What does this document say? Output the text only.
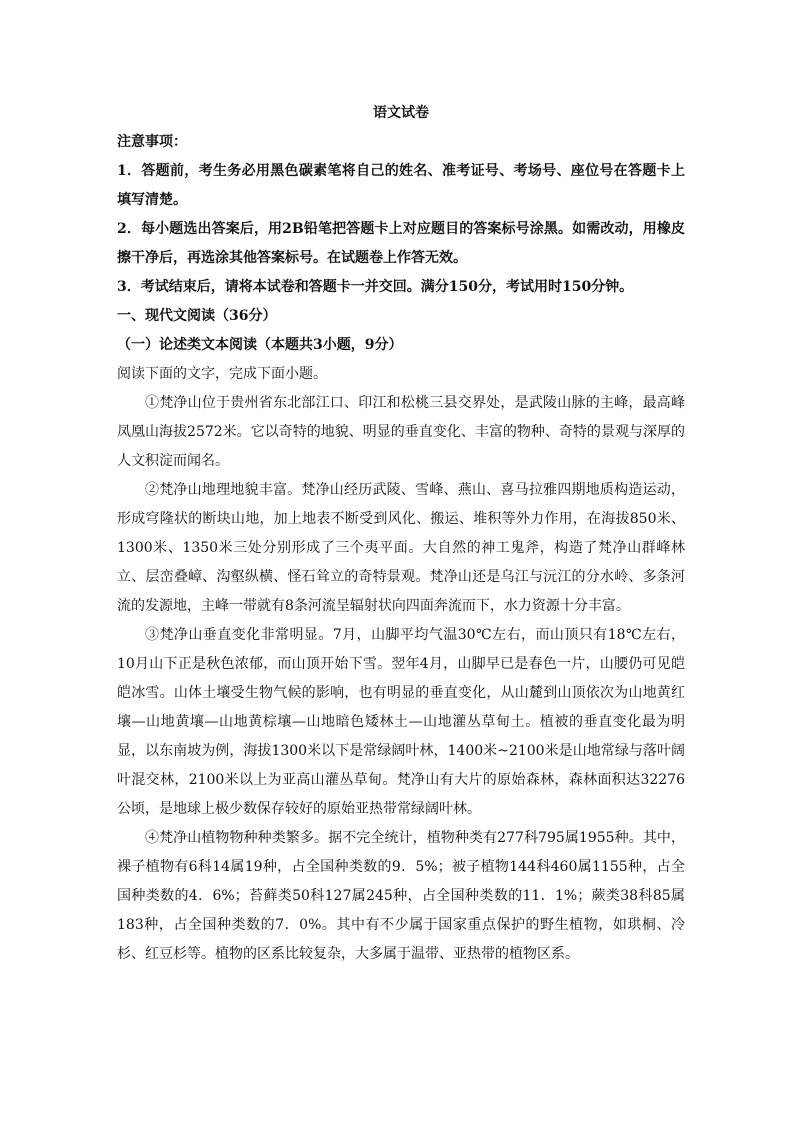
语文试卷

注意事项：

1．答题前，考生务必用黑色碳素笔将自己的姓名、准考证号、考场号、座位号在答题卡上填写清楚。

2．每小题选出答案后，用2B铅笔把答题卡上对应题目的答案标号涂黑。如需改动，用橡皮擦干净后，再选涂其他答案标号。在试题卷上作答无效。

3．考试结束后，请将本试卷和答题卡一并交回。满分150分，考试用时150分钟。

一、现代文阅读（36分）

（一）论述类文本阅读（本题共3小题，9分）

阅读下面的文字，完成下面小题。

①梵净山位于贵州省东北部江口、印江和松桃三县交界处，是武陵山脉的主峰，最高峰凤凰山海拔2572米。它以奇特的地貌、明显的垂直变化、丰富的物种、奇特的景观与深厚的人文积淀而闻名。

②梵净山地理地貌丰富。梵净山经历武陵、雪峰、燕山、喜马拉雅四期地质构造运动，形成穹隆状的断块山地，加上地表不断受到风化、搬运、堆积等外力作用，在海拔850米、1300米、1350米三处分别形成了三个夷平面。大自然的神工鬼斧，构造了梵净山群峰林立、层峦叠嶂、沟壑纵横、怪石耸立的奇特景观。梵净山还是乌江与沅江的分水岭、多条河流的发源地，主峰一带就有8条河流呈辐射状向四面奔流而下，水力资源十分丰富。

③梵净山垂直变化非常明显。7月，山脚平均气温30℃左右，而山顶只有18℃左右，10月山下正是秋色浓郁，而山顶开始下雪。翌年4月，山脚早已是春色一片，山腰仍可见皑皑冰雪。山体土壤受生物气候的影响，也有明显的垂直变化，从山麓到山顶依次为山地黄红壤—山地黄壤—山地黄棕壤—山地暗色矮林土—山地灌丛草甸土。植被的垂直变化最为明显，以东南坡为例，海拔1300米以下是常绿阔叶林，1400米~2100米是山地常绿与落叶阔叶混交林，2100米以上为亚高山灌丛草甸。梵净山有大片的原始森林，森林面积达32276公顷，是地球上极少数保存较好的原始亚热带常绿阔叶林。

④梵净山植物物种种类繁多。据不完全统计，植物种类有277科795属1955种。其中，裸子植物有6科14属19种，占全国种类数的9．5%；被子植物144科460属1155种，占全国种类数的4．6%；苔藓类50科127属245种，占全国种类数的11．1%；蕨类38科85属183种，占全国种类数的7．0%。其中有不少属于国家重点保护的野生植物，如珙桐、冷杉、红豆杉等。植物的区系比较复杂，大多属于温带、亚热带的植物区系。
